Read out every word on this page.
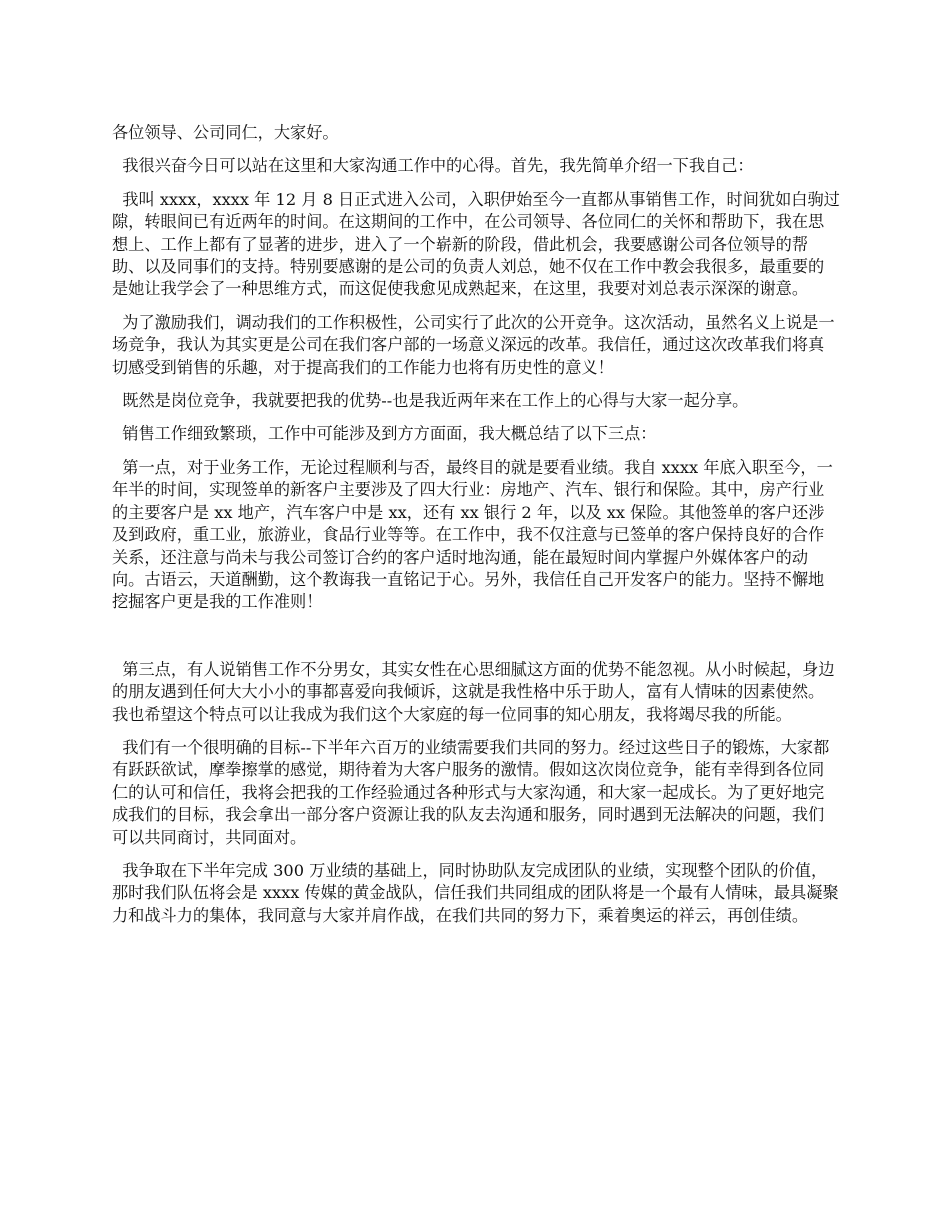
各位领导、公司同仁，大家好。

我很兴奋今日可以站在这里和大家沟通工作中的心得。首先，我先简单介绍一下我自己：

我叫 xxxx，xxxx 年 12 月 8 日正式进入公司，入职伊始至今一直都从事销售工作，时间犹如白驹过隙，转眼间已有近两年的时间。在这期间的工作中，在公司领导、各位同仁的关怀和帮助下，我在思想上、工作上都有了显著的进步，进入了一个崭新的阶段，借此机会，我要感谢公司各位领导的帮助、以及同事们的支持。特别要感谢的是公司的负责人刘总，她不仅在工作中教会我很多，最重要的是她让我学会了一种思维方式，而这促使我愈见成熟起来，在这里，我要对刘总表示深深的谢意。

为了激励我们，调动我们的工作积极性，公司实行了此次的公开竞争。这次活动，虽然名义上说是一场竞争，我认为其实更是公司在我们客户部的一场意义深远的改革。我信任，通过这次改革我们将真切感受到销售的乐趣，对于提高我们的工作能力也将有历史性的意义！

既然是岗位竞争，我就要把我的优势--也是我近两年来在工作上的心得与大家一起分享。

销售工作细致繁琐，工作中可能涉及到方方面面，我大概总结了以下三点：

第一点，对于业务工作，无论过程顺利与否，最终目的就是要看业绩。我自 xxxx 年底入职至今，一年半的时间，实现签单的新客户主要涉及了四大行业：房地产、汽车、银行和保险。其中，房产行业的主要客户是 xx 地产，汽车客户中是 xx，还有 xx 银行 2 年，以及 xx 保险。其他签单的客户还涉及到政府，重工业，旅游业，食品行业等等。在工作中，我不仅注意与已签单的客户保持良好的合作关系，还注意与尚未与我公司签订合约的客户适时地沟通，能在最短时间内掌握户外媒体客户的动向。古语云，天道酬勤，这个教诲我一直铭记于心。另外，我信任自己开发客户的能力。坚持不懈地挖掘客户更是我的工作准则！

第三点，有人说销售工作不分男女，其实女性在心思细腻这方面的优势不能忽视。从小时候起，身边的朋友遇到任何大大小小的事都喜爱向我倾诉，这就是我性格中乐于助人，富有人情味的因素使然。我也希望这个特点可以让我成为我们这个大家庭的每一位同事的知心朋友，我将竭尽我的所能。

我们有一个很明确的目标--下半年六百万的业绩需要我们共同的努力。经过这些日子的锻炼，大家都有跃跃欲试，摩拳擦掌的感觉，期待着为大客户服务的激情。假如这次岗位竞争，能有幸得到各位同仁的认可和信任，我将会把我的工作经验通过各种形式与大家沟通，和大家一起成长。为了更好地完成我们的目标，我会拿出一部分客户资源让我的队友去沟通和服务，同时遇到无法解决的问题，我们可以共同商讨，共同面对。

我争取在下半年完成 300 万业绩的基础上，同时协助队友完成团队的业绩，实现整个团队的价值，那时我们队伍将会是 xxxx 传媒的黄金战队，信任我们共同组成的团队将是一个最有人情味，最具凝聚力和战斗力的集体，我同意与大家并肩作战，在我们共同的努力下，乘着奥运的祥云，再创佳绩。
